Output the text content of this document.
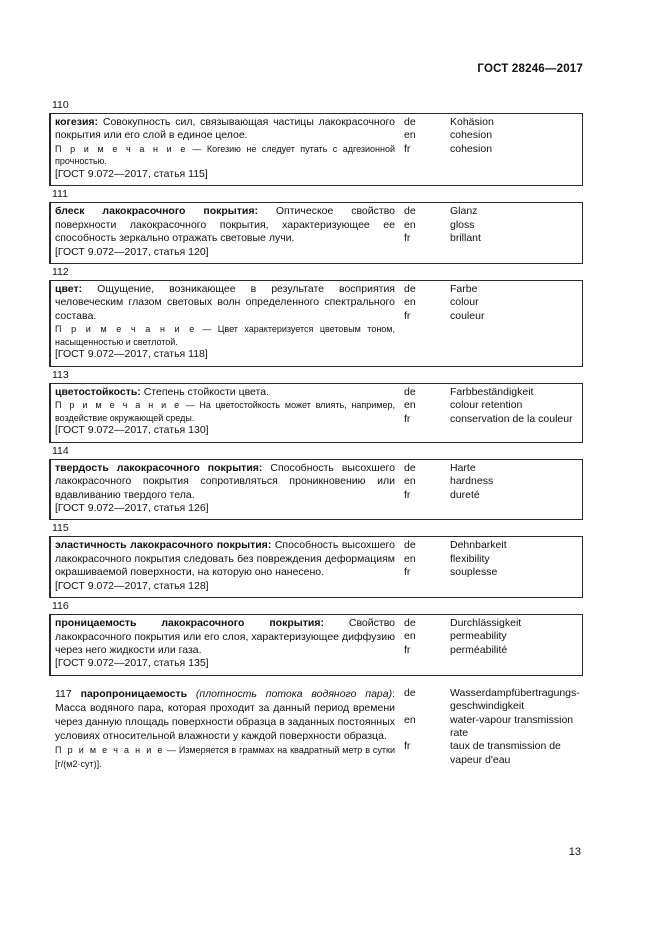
ГОСТ 28246—2017
110

когезия: Совокупность сил, связывающая частицы лакокрасочного покрытия или его слой в единое целое.

П р и м е ч а н и е — Когезию не следует путать с адгезионной прочностью.

[ГОСТ 9.072—2017, статья 115]
de
en
fr
Kohäsion
cohesion
cohesion
111

блеск лакокрасочного покрытия: Оптическое свойство поверхности лакокрасочного покрытия, характеризующее ее способность зеркально отражать световые лучи.

[ГОСТ 9.072—2017, статья 120]
de
en
fr
Glanz
gloss
brillant
112

цвет: Ощущение, возникающее в результате восприятия человеческим глазом световых волн определенного спектрального состава.

П р и м е ч а н и е — Цвет характеризуется цветовым тоном, насыщенностью и светлотой.

[ГОСТ 9.072—2017, статья 118]
de
en
fr
Farbe
colour
couleur
113

цветостойкость: Степень стойкости цвета.

П р и м е ч а н и е — На цветостойкость может влиять, например, воздействие окружающей среды.

[ГОСТ 9.072—2017, статья 130]
de
en
fr
Farbbeständigkeit
colour retention
conservation de la couleur
114

твердость лакокрасочного покрытия: Способность высохшего лакокрасочного покрытия сопротивляться проникновению или вдавливанию твердого тела.

[ГОСТ 9.072—2017, статья 126]
de
en
fr
Harte
hardness
dureté
115

эластичность лакокрасочного покрытия: Способность высохшего лакокрасочного покрытия следовать без повреждения деформациям окрашиваемой поверхности, на которую оно нанесено.

[ГОСТ 9.072—2017, статья 128]
de
en
fr
Dehnbarkeit
flexibility
souplesse
116

проницаемость лакокрасочного покрытия: Свойство лакокрасочного покрытия или его слоя, характеризующее диффузию через него жидкости или газа.

[ГОСТ 9.072—2017, статья 135]
de
en
fr
Durchlässigkeit
permeability
perméabilité

117 паропроницаемость (плотность потока водяного пара): Масса водяного пара, которая проходит за данный период времени через данную площадь поверхности образца в заданных постоянных условиях относительной влажности у каждой поверхности образца.

П р и м е ч а н и е — Измеряется в граммах на квадратный метр в сутки [г/(м2·сут)].

de
en
fr
Wasserdampfübertragungs-geschwindigkeit
water-vapour transmission rate
taux de transmission de vapeur d'eau
13
